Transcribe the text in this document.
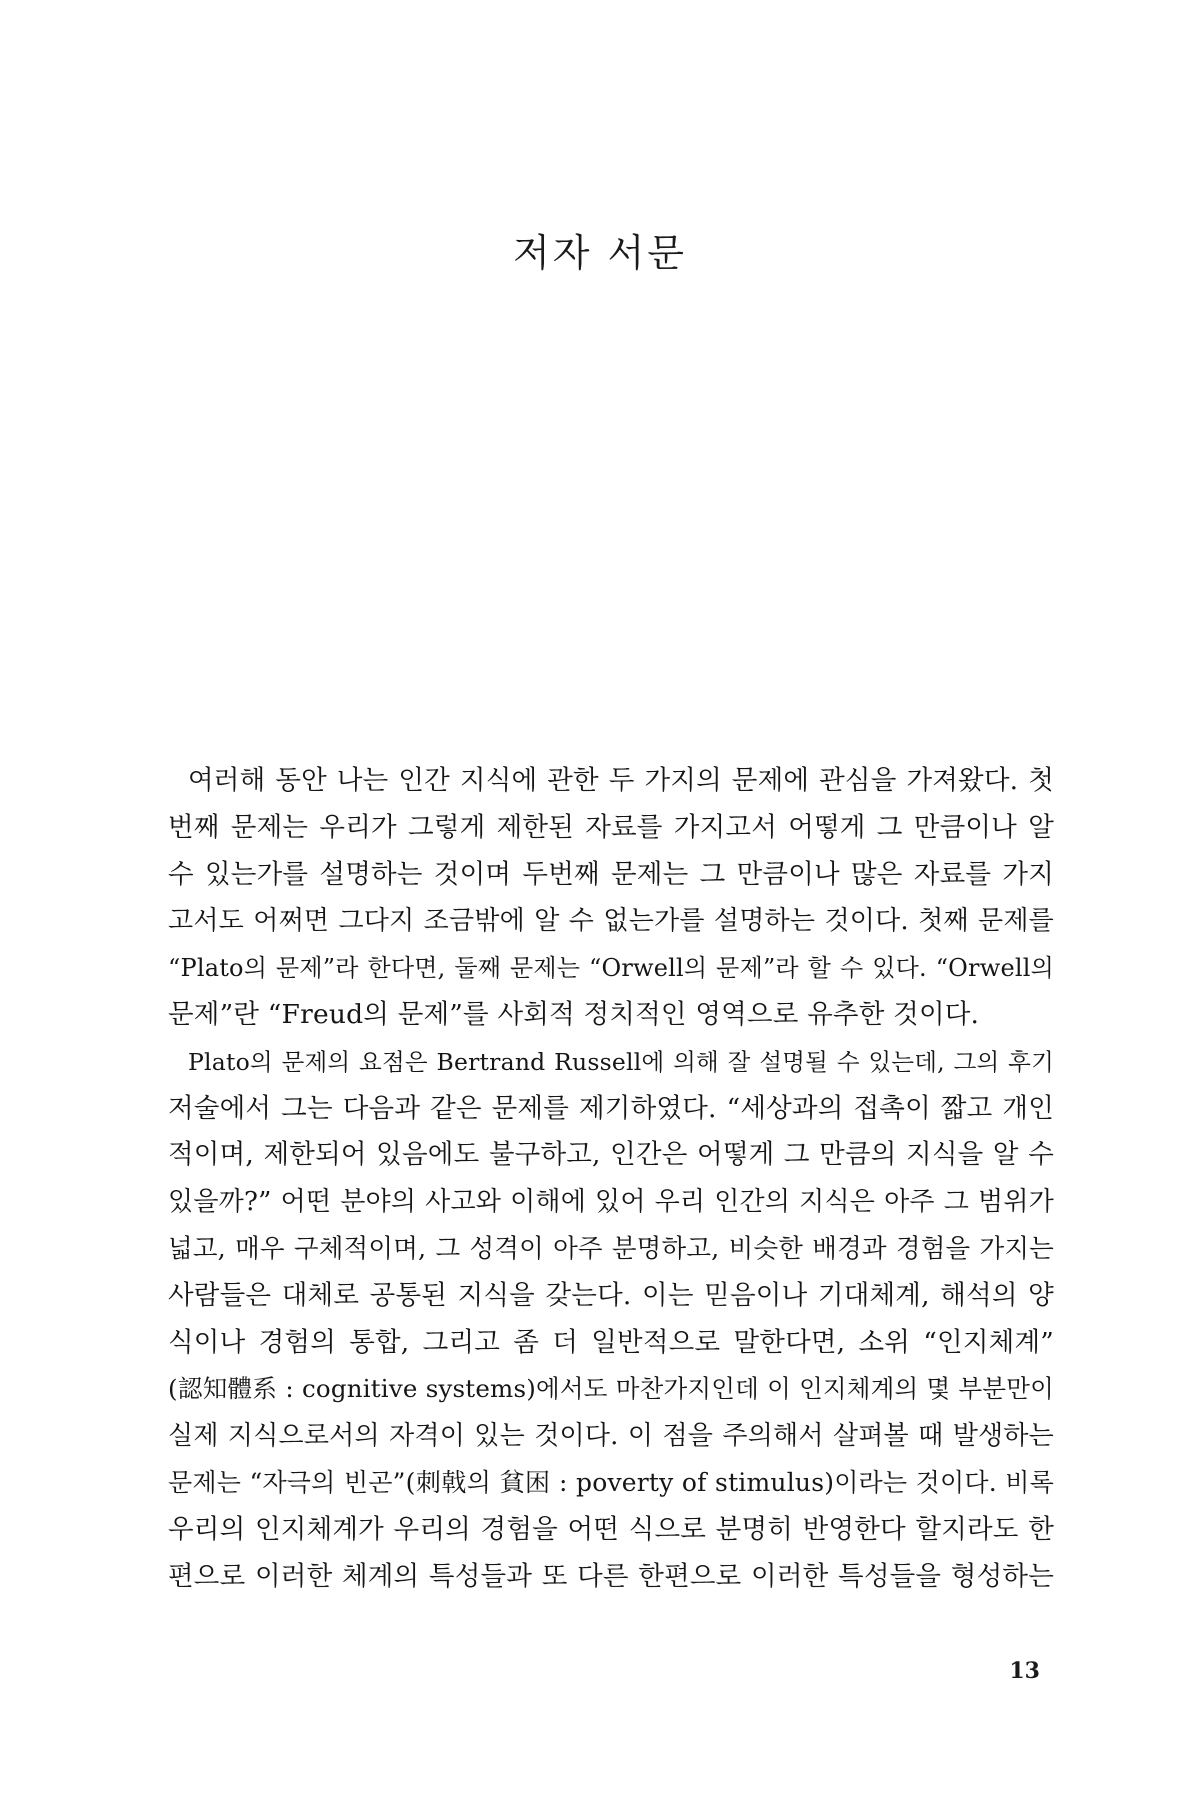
저자 서문
여러해 동안 나는 인간 지식에 관한 두 가지의 문제에 관심을 가져왔다. 첫
번째 문제는 우리가 그렇게 제한된 자료를 가지고서 어떻게 그 만큼이나 알
수 있는가를 설명하는 것이며 두번째 문제는 그 만큼이나 많은 자료를 가지
고서도 어쩌면 그다지 조금밖에 알 수 없는가를 설명하는 것이다. 첫째 문제를
“Plato의 문제”라 한다면, 둘째 문제는 “Orwell의 문제”라 할 수 있다. “Orwell의
문제”란 “Freud의 문제”를 사회적 정치적인 영역으로 유추한 것이다.
Plato의 문제의 요점은 Bertrand Russell에 의해 잘 설명될 수 있는데, 그의 후기
저술에서 그는 다음과 같은 문제를 제기하였다. “세상과의 접촉이 짧고 개인
적이며, 제한되어 있음에도 불구하고, 인간은 어떻게 그 만큼의 지식을 알 수
있을까?” 어떤 분야의 사고와 이해에 있어 우리 인간의 지식은 아주 그 범위가
넓고, 매우 구체적이며, 그 성격이 아주 분명하고, 비슷한 배경과 경험을 가지는
사람들은 대체로 공통된 지식을 갖는다. 이는 믿음이나 기대체계, 해석의 양
식이나 경험의 통합, 그리고 좀 더 일반적으로 말한다면, 소위 “인지체계”
(認知體系 : cognitive systems)에서도 마찬가지인데 이 인지체계의 몇 부분만이
실제 지식으로서의 자격이 있는 것이다. 이 점을 주의해서 살펴볼 때 발생하는
문제는 “자극의 빈곤”(刺戟의 貧困 : poverty of stimulus)이라는 것이다. 비록
우리의 인지체계가 우리의 경험을 어떤 식으로 분명히 반영한다 할지라도 한
편으로 이러한 체계의 특성들과 또 다른 한편으로 이러한 특성들을 형성하는
13
